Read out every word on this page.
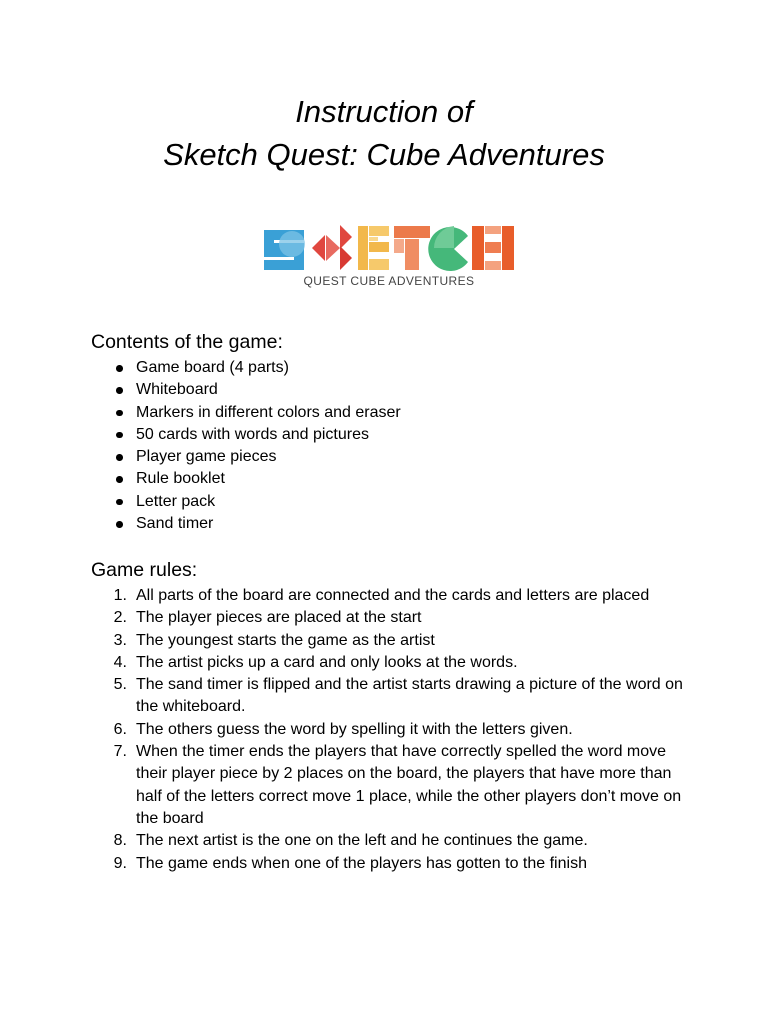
Instruction of
Sketch Quest: Cube Adventures
QUEST CUBE ADVENTURES
Contents of the game:
Game board (4 parts)
Whiteboard
Markers in different colors and eraser
50 cards with words and pictures
Player game pieces
Rule booklet
Letter pack
Sand timer
Game rules:
1. All parts of the board are connected and the cards and letters are placed
2. The player pieces are placed at the start
3. The youngest starts the game as the artist
4. The artist picks up a card and only looks at the words.
5. The sand timer is flipped and the artist starts drawing a picture of the word on the whiteboard.
6. The others guess the word by spelling it with the letters given.
7. When the timer ends the players that have correctly spelled the word move their player piece by 2 places on the board, the players that have more than half of the letters correct move 1 place, while the other players don’t move on the board
8. The next artist is the one on the left and he continues the game.
9. The game ends when one of the players has gotten to the finish
